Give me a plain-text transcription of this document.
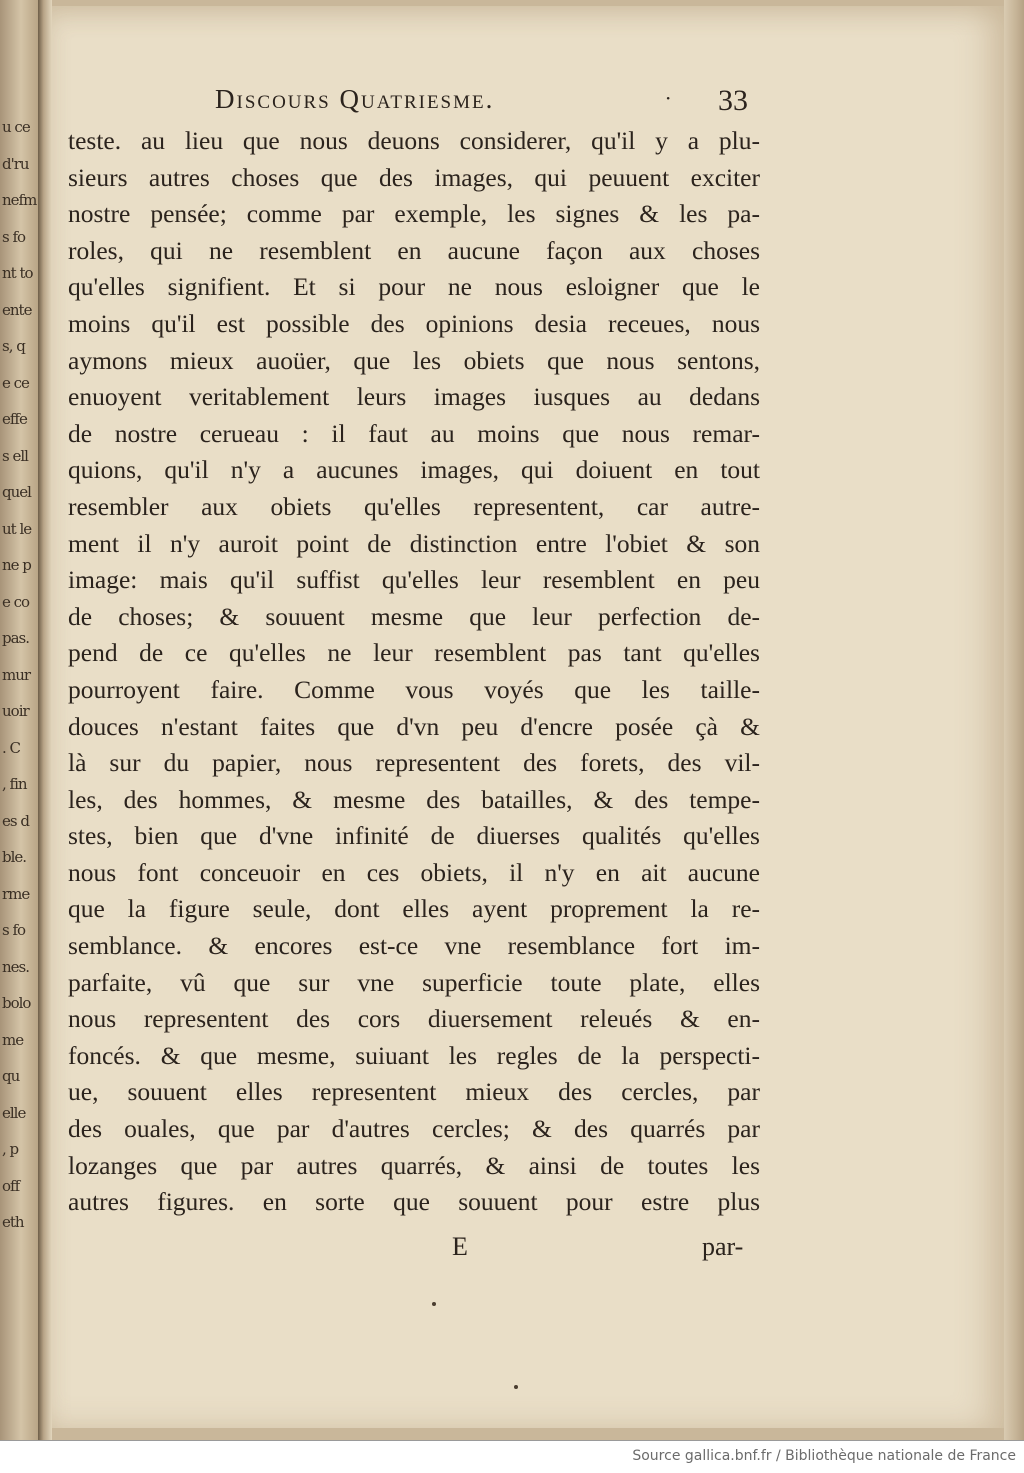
u ce
d'ru
nefm
s fo
nt to
ente
s, q
e ce
effe
s ell
quel
ut le
ne p
e co
pas.
mur
uoir
. C
, fin
es d
ble.
rme
s fo
nes.
bolo
me
qu
elle
, p
off
eth
Discours Quatriesme.	· 33
teste. au lieu que nous deuons considerer, qu'il y a plu-
sieurs autres choses que des images, qui peuuent exciter
nostre pensée; comme par exemple, les signes & les pa-
roles, qui ne resemblent en aucune façon aux choses
qu'elles signifient. Et si pour ne nous esloigner que le
moins qu'il est possible des opinions desia receues, nous
aymons mieux auoüer, que les obiets que nous sentons,
enuoyent veritablement leurs images iusques au dedans
de nostre cerueau : il faut au moins que nous remar-
quions, qu'il n'y a aucunes images, qui doiuent en tout
resembler aux obiets qu'elles representent, car autre-
ment il n'y auroit point de distinction entre l'obiet & son
image: mais qu'il suffist qu'elles leur resemblent en peu
de choses; & souuent mesme que leur perfection de-
pend de ce qu'elles ne leur resemblent pas tant qu'elles
pourroyent faire. Comme vous voyés que les taille-
douces n'estant faites que d'vn peu d'encre posée çà &
là sur du papier, nous representent des forets, des vil-
les, des hommes, & mesme des batailles, & des tempe-
stes, bien que d'vne infinité de diuerses qualités qu'elles
nous font conceuoir en ces obiets, il n'y en ait aucune
que la figure seule, dont elles ayent proprement la re-
semblance. & encores est-ce vne resemblance fort im-
parfaite, vû que sur vne superficie toute plate, elles
nous representent des cors diuersement releués & en-
foncés. & que mesme, suiuant les regles de la perspecti-
ue, souuent elles representent mieux des cercles, par
des ouales, que par d'autres cercles; & des quarrés par
lozanges que par autres quarrés, & ainsi de toutes les
autres figures. en sorte que souuent pour estre plus
E	par-
Source gallica.bnf.fr / Bibliothèque nationale de France
